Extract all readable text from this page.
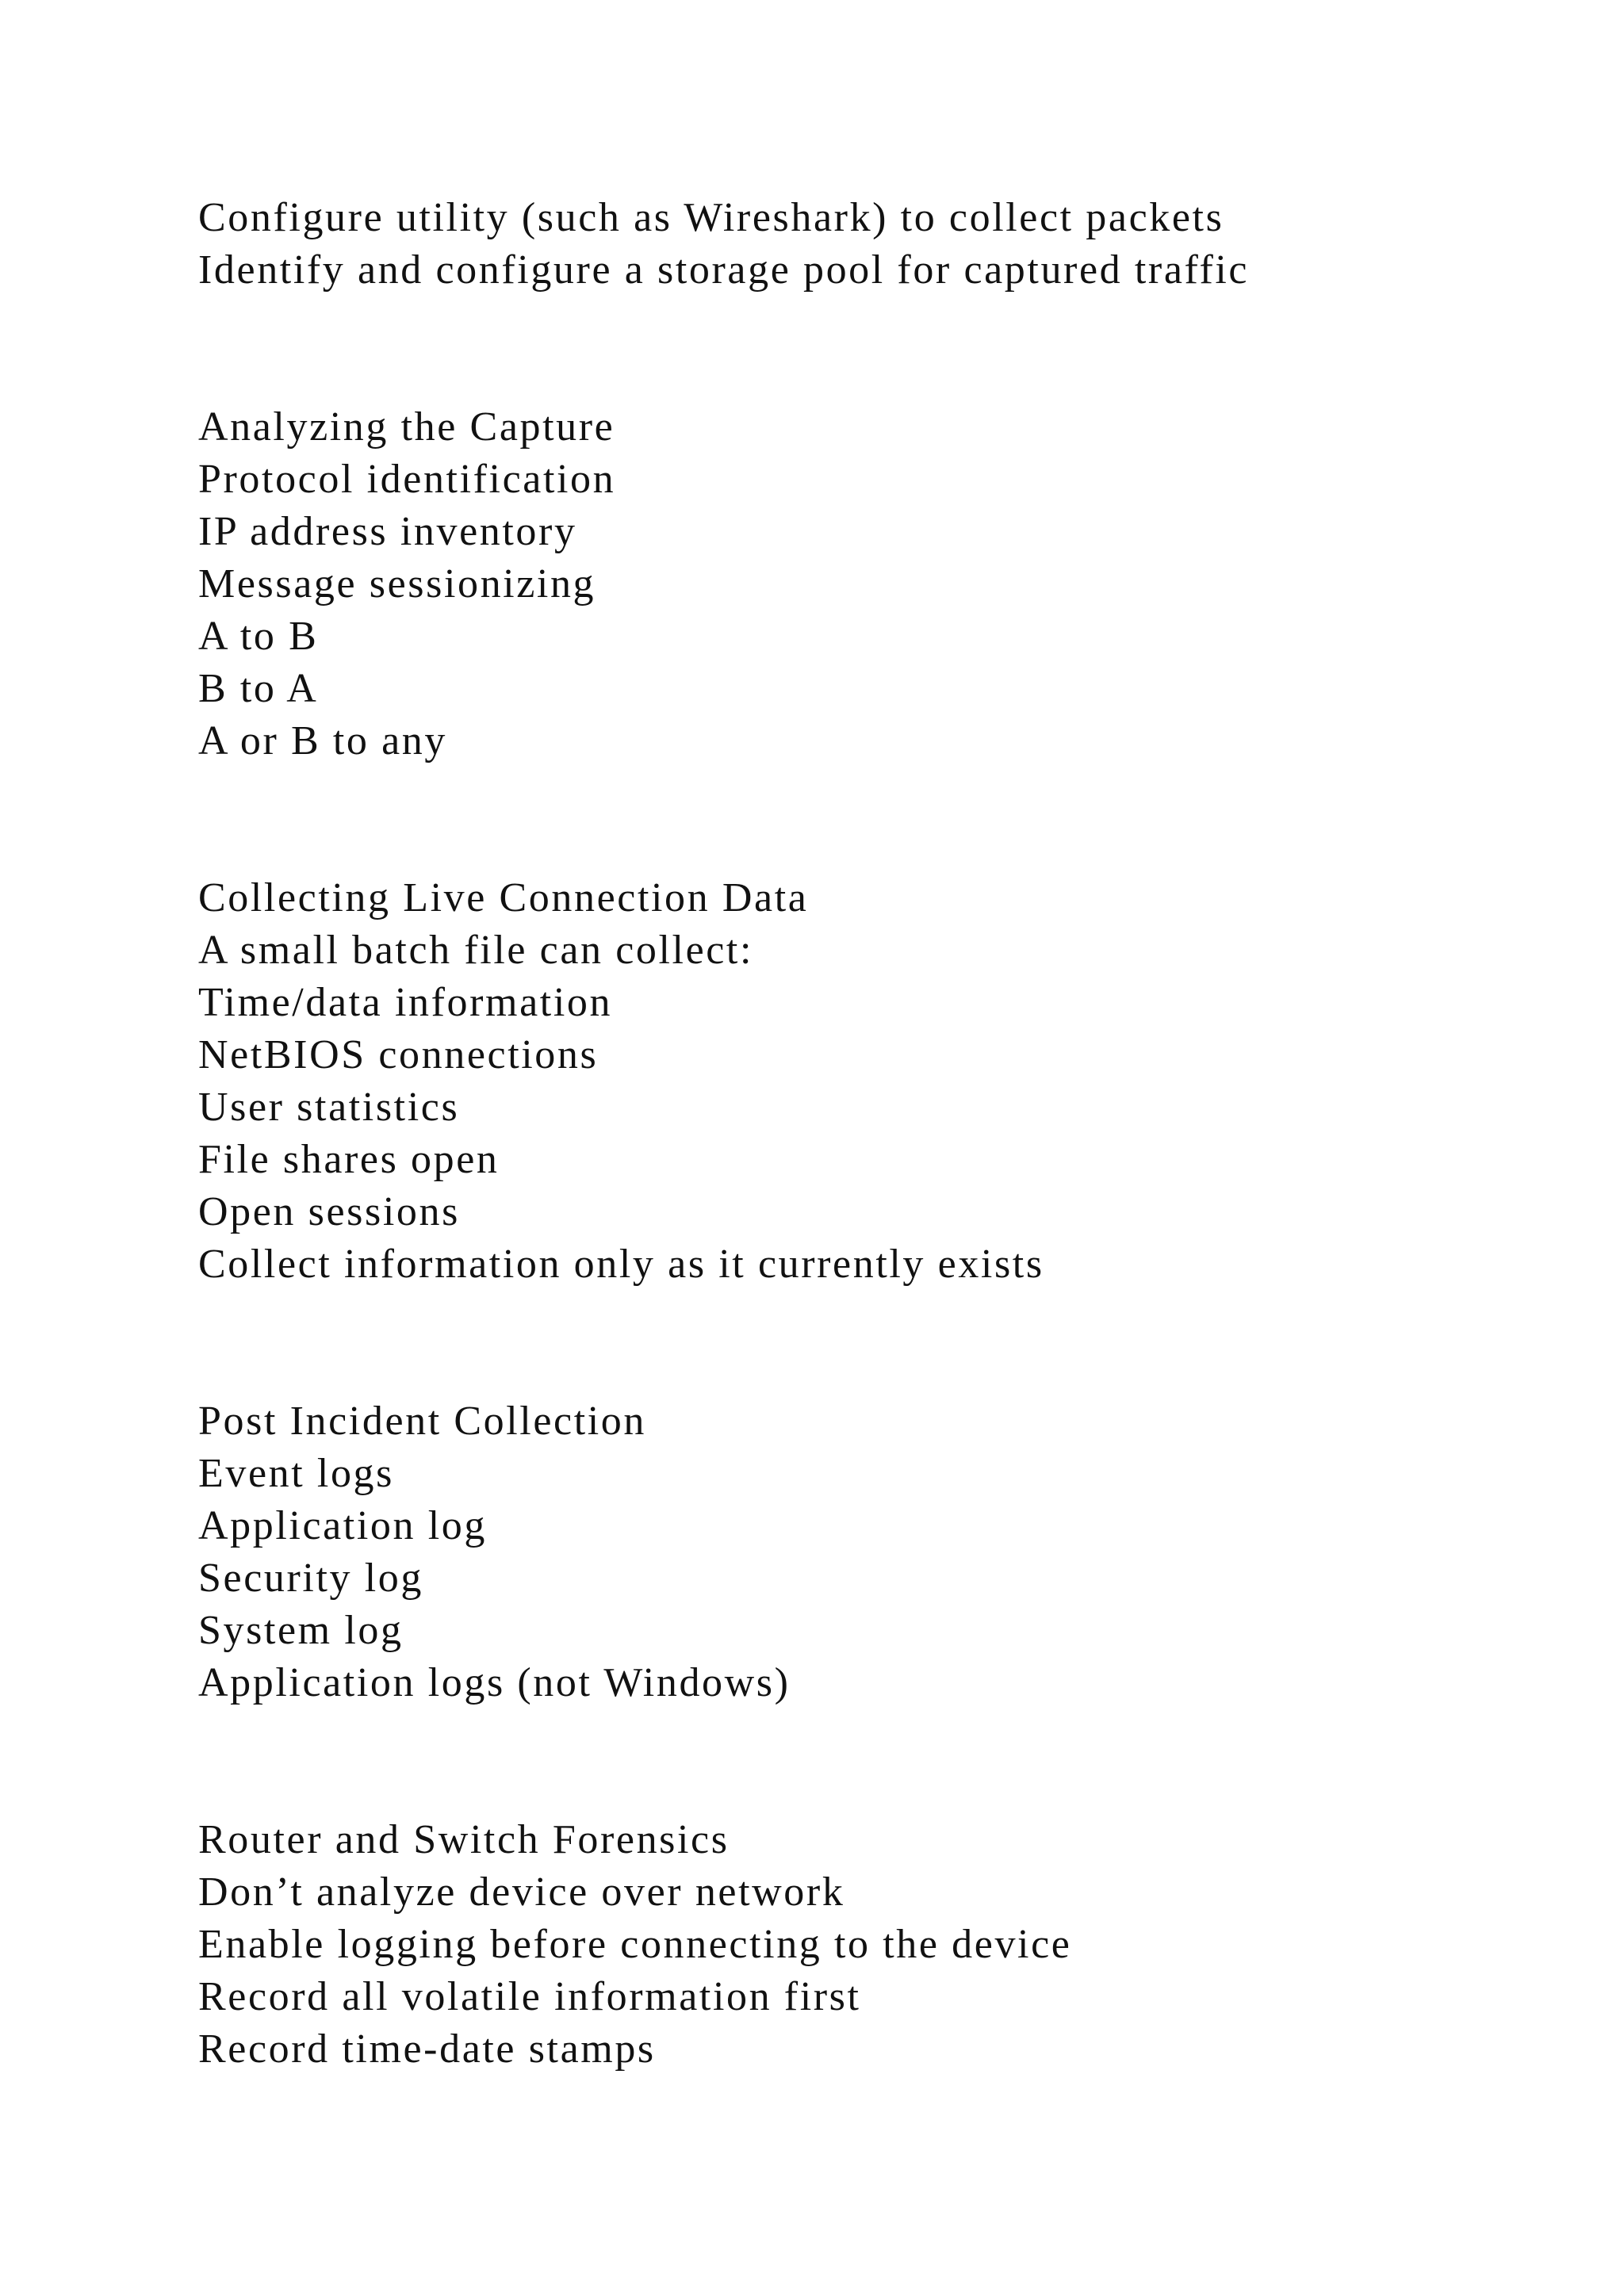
Configure utility (such as Wireshark) to collect packets
Identify and configure a storage pool for captured traffic
Analyzing the Capture
Protocol identification
IP address inventory
Message sessionizing
A to B
B to A
A or B to any
Collecting Live Connection Data
A small batch file can collect:
Time/data information
NetBIOS connections
User statistics
File shares open
Open sessions
Collect information only as it currently exists
Post Incident Collection
Event logs
Application log
Security log
System log
Application logs (not Windows)
Router and Switch Forensics
Don’t analyze device over network
Enable logging before connecting to the device
Record all volatile information first
Record time-date stamps
